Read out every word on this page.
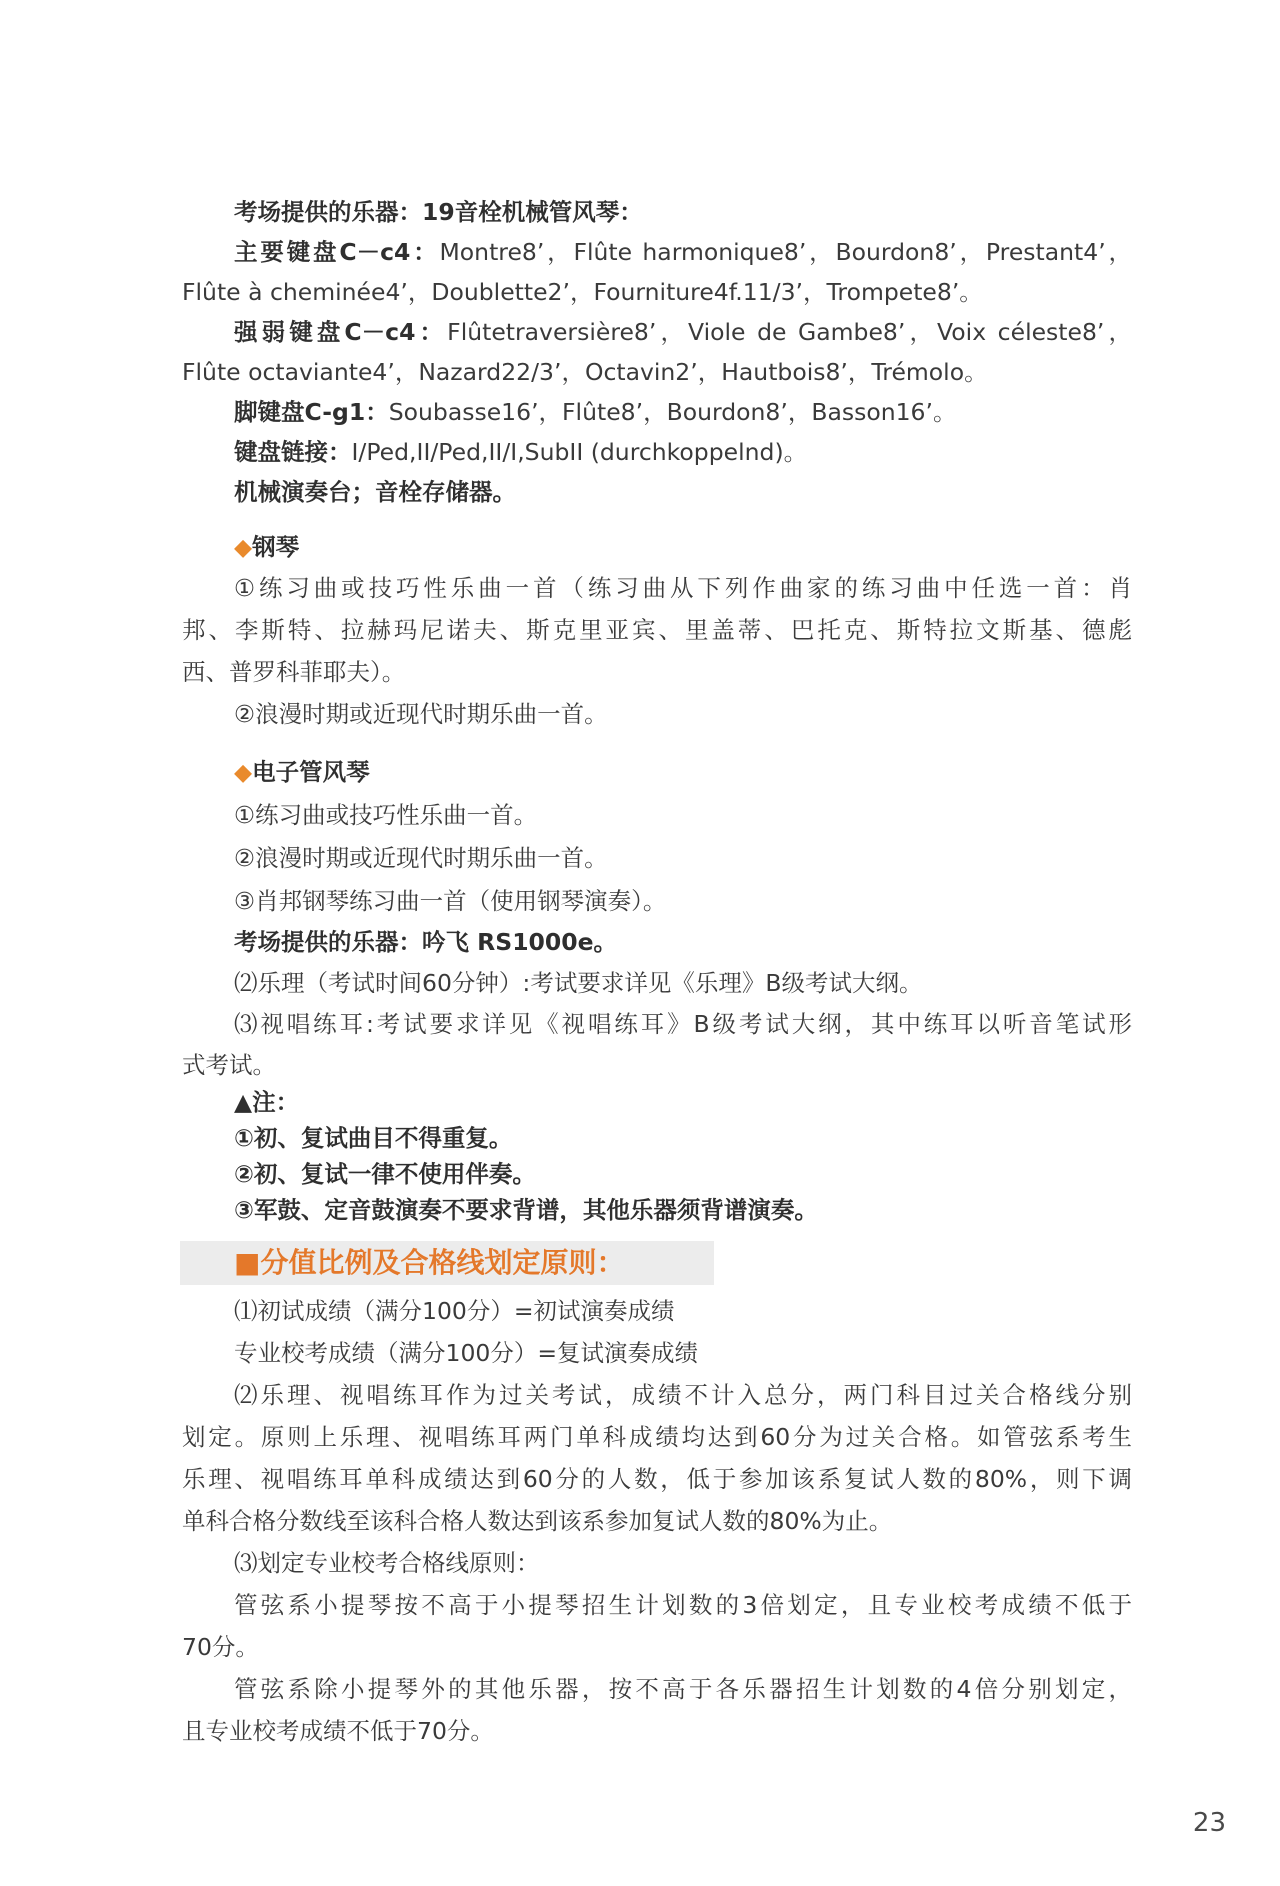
考场提供的乐器：19音栓机械管风琴：
主要键盘C－c4：Montre8’，Flûte harmonique8’，Bourdon8’，Prestant4’，
Flûte à cheminée4’，Doublette2’，Fourniture4f.11/3’，Trompete8’。
强弱键盘C－c4：Flûtetraversière8’，Viole de Gambe8’，Voix céleste8’，
Flûte octaviante4’，Nazard22/3’，Octavin2’，Hautbois8’，Trémolo。
脚键盘C-g1：Soubasse16’，Flûte8’，Bourdon8’，Basson16’。
键盘链接：I/Ped,II/Ped,II/I,SubII (durchkoppelnd)。
机械演奏台；音栓存储器。
◆钢琴
①练习曲或技巧性乐曲一首（练习曲从下列作曲家的练习曲中任选一首：肖
邦、李斯特、拉赫玛尼诺夫、斯克里亚宾、里盖蒂、巴托克、斯特拉文斯基、德彪
西、普罗科菲耶夫）。
②浪漫时期或近现代时期乐曲一首。
◆电子管风琴
①练习曲或技巧性乐曲一首。
②浪漫时期或近现代时期乐曲一首。
③肖邦钢琴练习曲一首（使用钢琴演奏）。
考场提供的乐器：吟飞 RS1000e。
⑵乐理（考试时间60分钟）:考试要求详见《乐理》B级考试大纲。
⑶视唱练耳:考试要求详见《视唱练耳》B级考试大纲，其中练耳以听音笔试形
式考试。
▲注：
①初、复试曲目不得重复。
②初、复试一律不使用伴奏。
③军鼓、定音鼓演奏不要求背谱，其他乐器须背谱演奏。
■分值比例及合格线划定原则：
⑴初试成绩（满分100分）=初试演奏成绩
专业校考成绩（满分100分）=复试演奏成绩
⑵乐理、视唱练耳作为过关考试，成绩不计入总分，两门科目过关合格线分别
划定。原则上乐理、视唱练耳两门单科成绩均达到60分为过关合格。如管弦系考生
乐理、视唱练耳单科成绩达到60分的人数，低于参加该系复试人数的80%，则下调
单科合格分数线至该科合格人数达到该系参加复试人数的80%为止。
⑶划定专业校考合格线原则：
管弦系小提琴按不高于小提琴招生计划数的3倍划定，且专业校考成绩不低于
70分。
管弦系除小提琴外的其他乐器，按不高于各乐器招生计划数的4倍分别划定，
且专业校考成绩不低于70分。
23
